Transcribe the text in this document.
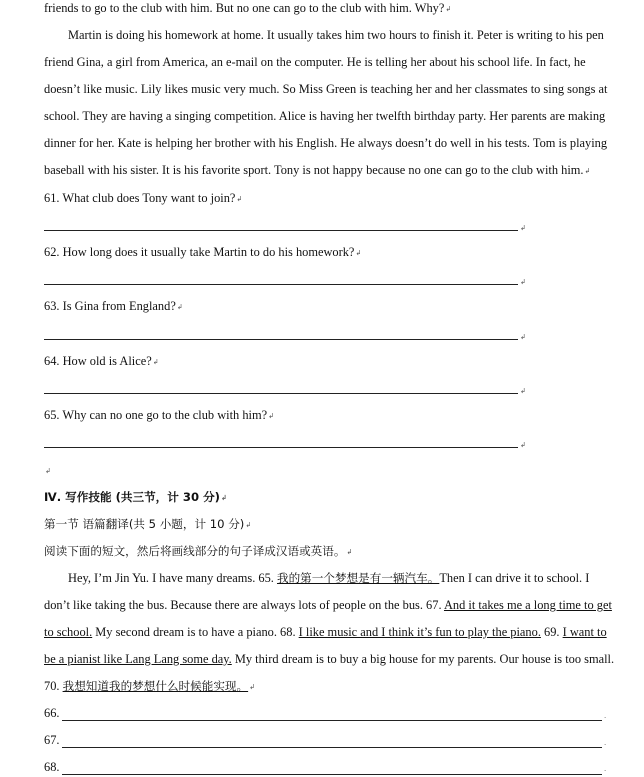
friends to go to the club with him. But no one can go to the club with him. Why?↲
Martin is doing his homework at home. It usually takes him two hours to finish it. Peter is writing to his pen
friend Gina, a girl from America, an e-mail on the computer. He is telling her about his school life. In fact, he
doesn’t like music. Lily likes music very much. So Miss Green is teaching her and her classmates to sing songs at
school. They are having a singing competition. Alice is having her twelfth birthday party. Her parents are making
dinner for her. Kate is helping her brother with his English. He always doesn’t do well in his tests. Tom is playing
baseball with his sister. It is his favorite sport. Tony is not happy because no one can go to the club with him.↲
61. What club does Tony want to join?↲
↲
62. How long does it usually take Martin to do his homework?↲
↲
63. Is Gina from England?↲
↲
64. How old is Alice?↲
↲
65. Why can no one go to the club with him?↲
↲
↲
Ⅳ. 写作技能 (共三节，计 30 分)↲
第一节 语篇翻译(共 5 小题，计 10 分)↲
阅读下面的短文，然后将画线部分的句子译成汉语或英语。↲
Hey, I’m Jin Yu. I have many dreams. 65. 我的第一个梦想是有一辆汽车。Then I can drive it to school. I
don’t like taking the bus. Because there are always lots of people on the bus. 67. And it takes me a long time to get
to school. My second dream is to have a piano. 68. I like music and I think it’s fun to play the piano. 69. I want to
be a pianist like Lang Lang some day. My third dream is to buy a big house for my parents. Our house is too small.
70. 我想知道我的梦想什么时候能实现。↲
66.	.
67.	.
68.	.
